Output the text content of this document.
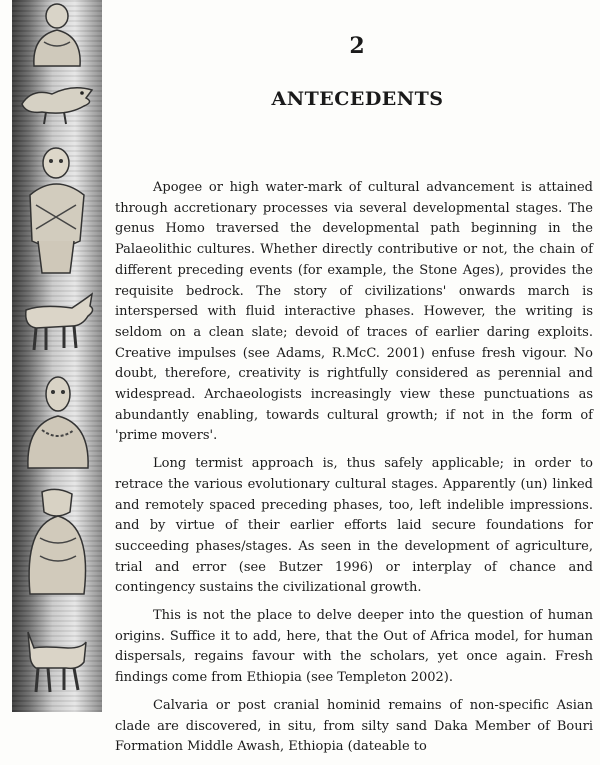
2
ANTECEDENTS

Apogee or high water-mark of cultural advancement is attained through accretionary processes via several developmental stages. The genus Homo traversed the developmental path beginning in the Palaeolithic cultures. Whether directly contributive or not, the chain of different preceding events (for example, the Stone Ages), provides the requisite bedrock. The story of civilizations' onwards march is interspersed with fluid interactive phases. However, the writing is seldom on a clean slate; devoid of traces of earlier daring exploits. Creative impulses (see Adams, R.McC. 2001) enfuse fresh vigour. No doubt, therefore, creativity is rightfully considered as perennial and widespread. Archaeologists increasingly view these punctuations as abundantly enabling, towards cultural growth; if not in the form of 'prime movers'.

Long termist approach is, thus safely applicable; in order to retrace the various evolutionary cultural stages. Apparently (un) linked and remotely spaced preceding phases, too, left indelible impressions. and by virtue of their earlier efforts laid secure foundations for succeeding phases/stages. As seen in the development of agriculture, trial and error (see Butzer 1996) or interplay of chance and contingency sustains the civilizational growth.

This is not the place to delve deeper into the question of human origins. Suffice it to add, here, that the Out of Africa model, for human dispersals, regains favour with the scholars, yet once again. Fresh findings come from Ethiopia (see Templeton 2002).

Calvaria or post cranial hominid remains of non-specific Asian clade are discovered, in situ, from silty sand Daka Member of Bouri Formation Middle Awash, Ethiopia (dateable to
